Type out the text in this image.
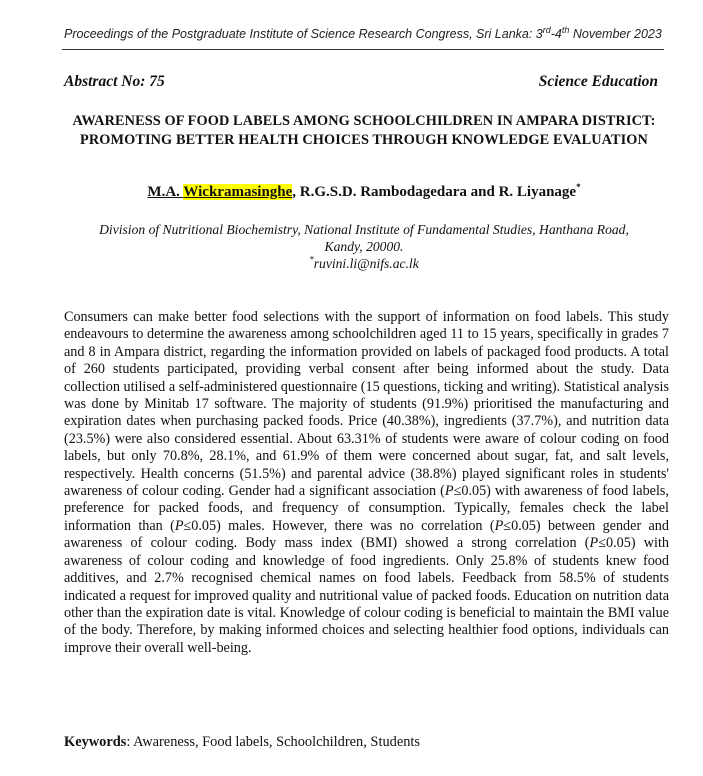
Proceedings of the Postgraduate Institute of Science Research Congress, Sri Lanka: 3rd-4th November 2023
Abstract No: 75	Science Education
AWARENESS OF FOOD LABELS AMONG SCHOOLCHILDREN IN AMPARA DISTRICT: PROMOTING BETTER HEALTH CHOICES THROUGH KNOWLEDGE EVALUATION
M.A. Wickramasinghe, R.G.S.D. Rambodagedara and R. Liyanage*
Division of Nutritional Biochemistry, National Institute of Fundamental Studies, Hanthana Road,
Kandy, 20000.
*ruvini.li@nifs.ac.lk
Consumers can make better food selections with the support of information on food labels. This study endeavours to determine the awareness among schoolchildren aged 11 to 15 years, specifically in grades 7 and 8 in Ampara district, regarding the information provided on labels of packaged food products. A total of 260 students participated, providing verbal consent after being informed about the study. Data collection utilised a self-administered questionnaire (15 questions, ticking and writing). Statistical analysis was done by Minitab 17 software. The majority of students (91.9%) prioritised the manufacturing and expiration dates when purchasing packed foods. Price (40.38%), ingredients (37.7%), and nutrition data (23.5%) were also considered essential. About 63.31% of students were aware of colour coding on food labels, but only 70.8%, 28.1%, and 61.9% of them were concerned about sugar, fat, and salt levels, respectively. Health concerns (51.5%) and parental advice (38.8%) played significant roles in students' awareness of colour coding. Gender had a significant association (P≤0.05) with awareness of food labels, preference for packed foods, and frequency of consumption. Typically, females check the label information than (P≤0.05) males. However, there was no correlation (P≤0.05) between gender and awareness of colour coding. Body mass index (BMI) showed a strong correlation (P≤0.05) with awareness of colour coding and knowledge of food ingredients. Only 25.8% of students knew food additives, and 2.7% recognised chemical names on food labels. Feedback from 58.5% of students indicated a request for improved quality and nutritional value of packed foods. Education on nutrition data other than the expiration date is vital. Knowledge of colour coding is beneficial to maintain the BMI value of the body. Therefore, by making informed choices and selecting healthier food options, individuals can improve their overall well-being.
Keywords: Awareness, Food labels, Schoolchildren, Students
